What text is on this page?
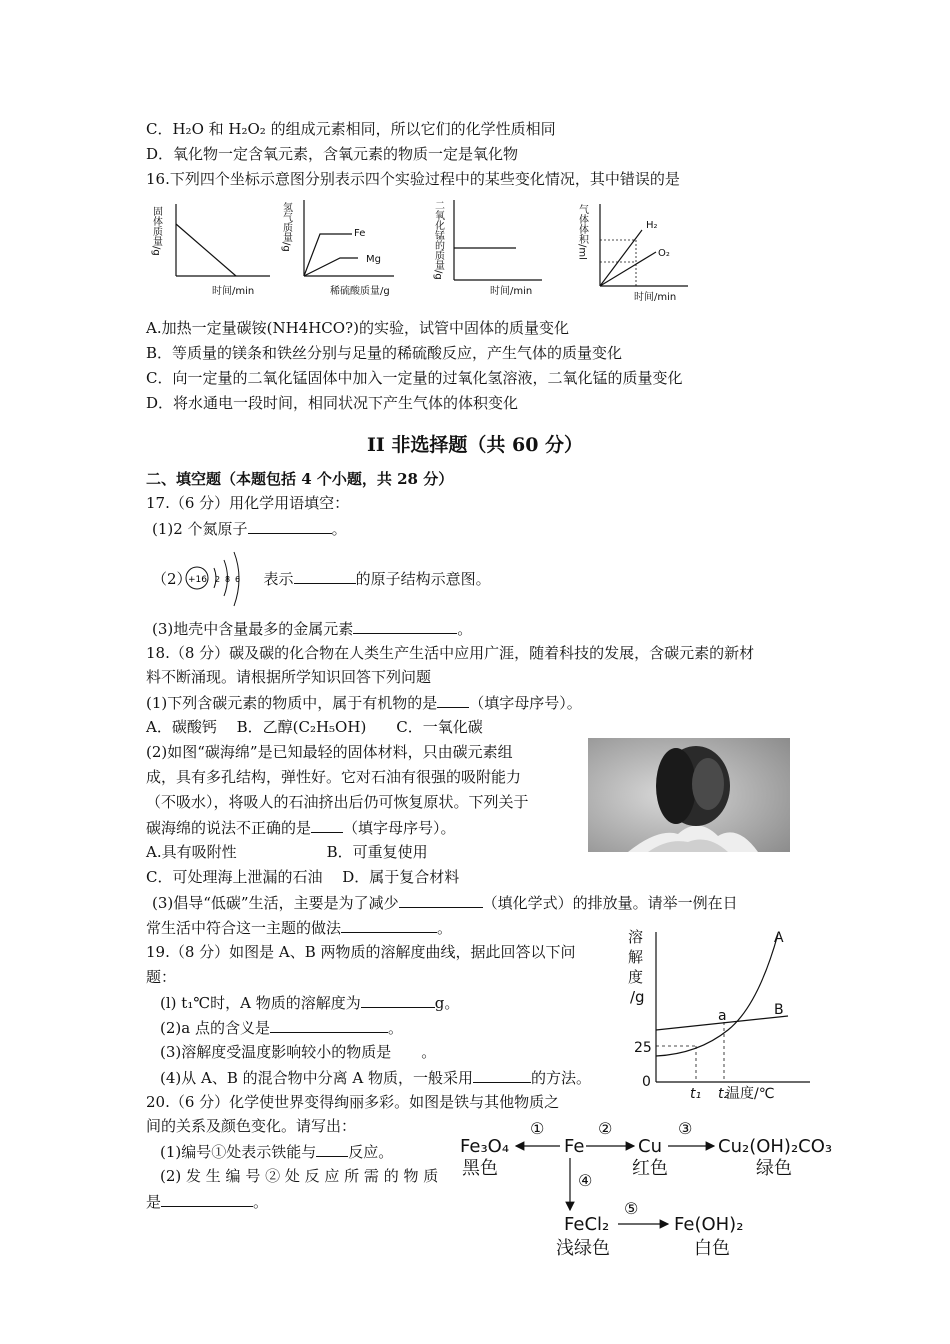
C．H₂O 和 H₂O₂ 的组成元素相同，所以它们的化学性质相同
D．氧化物一定含氧元素，含氧元素的物质一定是氧化物
16.下列四个坐标示意图分别表示四个实验过程中的某些变化情况，其中错误的是
固体质量/g
时间/min
氢气质量/g	Fe
Mg
稀硫酸质量/g
二氧化锰的质量/g
时间/min
气体体积/ml	H₂
O₂
时间/min
A.加热一定量碳铵(NH4HCO?)的实验，试管中固体的质量变化
B．等质量的镁条和铁丝分别与足量的稀硫酸反应，产生气体的质量变化
C．向一定量的二氧化锰固体中加入一定量的过氧化氢溶液，二氧化锰的质量变化
D．将水通电一段时间，相同状况下产生气体的体积变化
II 非选择题（共 60 分）
二、填空题（本题包括 4 个小题，共 28 分）
17.（6 分）用化学用语填空：
(1)2 个氮原子	。
（2）	表示	的原子结构示意图。
+16 2 8 6
(3)地壳中含量最多的金属元素	。
18.（8 分）碳及碳的化合物在人类生产生活中应用广涯，随着科技的发展，含碳元素的新材
料不断涌现。请根据所学知识回答下列问题
(1)下列含碳元素的物质中，属于有机物的是 （填字母序号）。
A．碳酸钙　 B．乙醇(C₂H₅OH)　　C．一氧化碳
(2)如图“碳海绵”是已知最轻的固体材料，只由碳元素组
成，具有多孔结构，弹性好。它对石油有很强的吸附能力
（不吸水），将吸人的石油挤出后仍可恢复原状。下列关于
碳海绵的说法不正确的是 （填字母序号）。
A.具有吸附性　　　　　　B．可重复使用
C．可处理海上泄漏的石油　 D．属于复合材料
(3)倡导“低碳”生活，主要是为了减少	（填化学式）的排放量。请举一例在日
常生活中符合这一主题的做法	。
19.（8 分）如图是 A、B 两物质的溶解度曲线，据此回答以下问
题：
(l) t₁℃时，A 物质的溶解度为	g。
(2)a 点的含义是	。
(3)溶解度受温度影响较小的物质是　　。
(4)从 A、B 的混合物中分离 A 物质，一般采用	的方法。
溶
解
度
/g
25
0
t₁ t₂
a
A
B
温度/℃
20.（6 分）化学使世界变得绚丽多彩。如图是铁与其他物质之
间的关系及颜色变化。请写出：
(1)编号①处表示铁能与 反应。
(2) 发 生 编 号 ② 处 反 应 所 需 的 物 质
是	。
Fe₃O₄
黑色
Fe	Cu
红色
Cu₂(OH)₂CO₃
绿色
FeCl₂
浅绿色
Fe(OH)₂
白色
①	②	③
④
⑤
